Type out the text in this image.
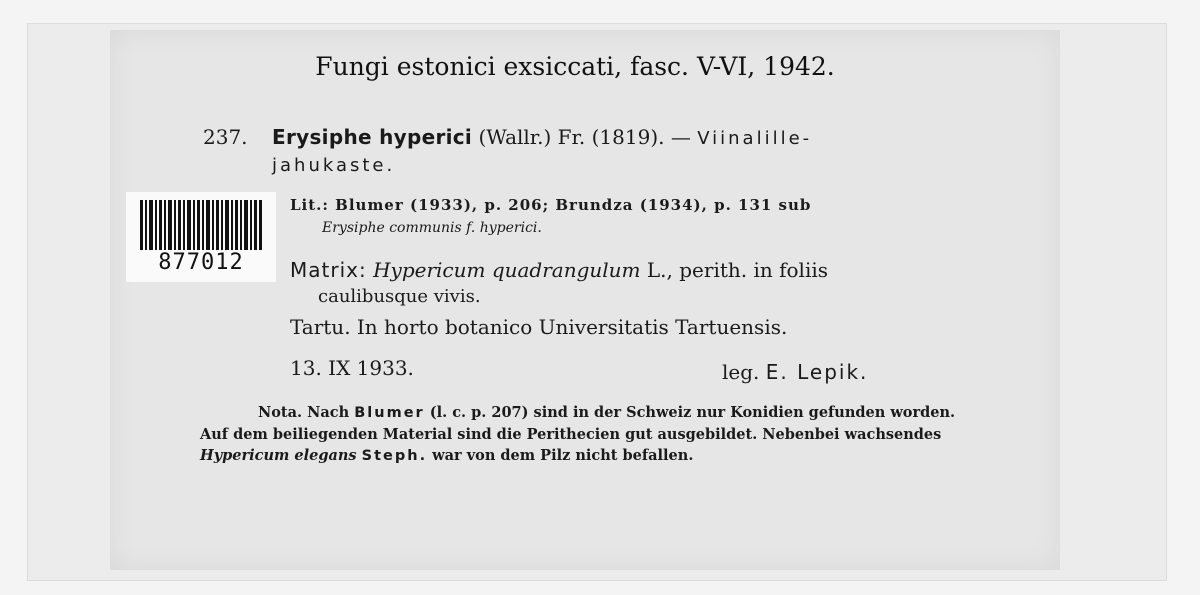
Fungi estonici exsiccati, fasc. V-VI, 1942.
237. Erysiphe hyperici (Wallr.) Fr. (1819). — Viinalille-
jahukaste.
877012
Lit.: Blumer (1933), p. 206; Brundza (1934), p. 131 sub
Erysiphe communis f. hyperici.
Matrix: Hypericum quadrangulum L., perith. in foliis
caulibusque vivis.
Tartu. In horto botanico Universitatis Tartuensis.
13. IX 1933.	leg. E. Lepik.
Nota. Nach Blumer (l. c. p. 207) sind in der Schweiz nur Konidien gefunden worden. Auf dem beiliegenden Material sind die Perithecien gut ausgebildet. Nebenbei wachsendes Hypericum elegans Steph. war von dem Pilz nicht befallen.
